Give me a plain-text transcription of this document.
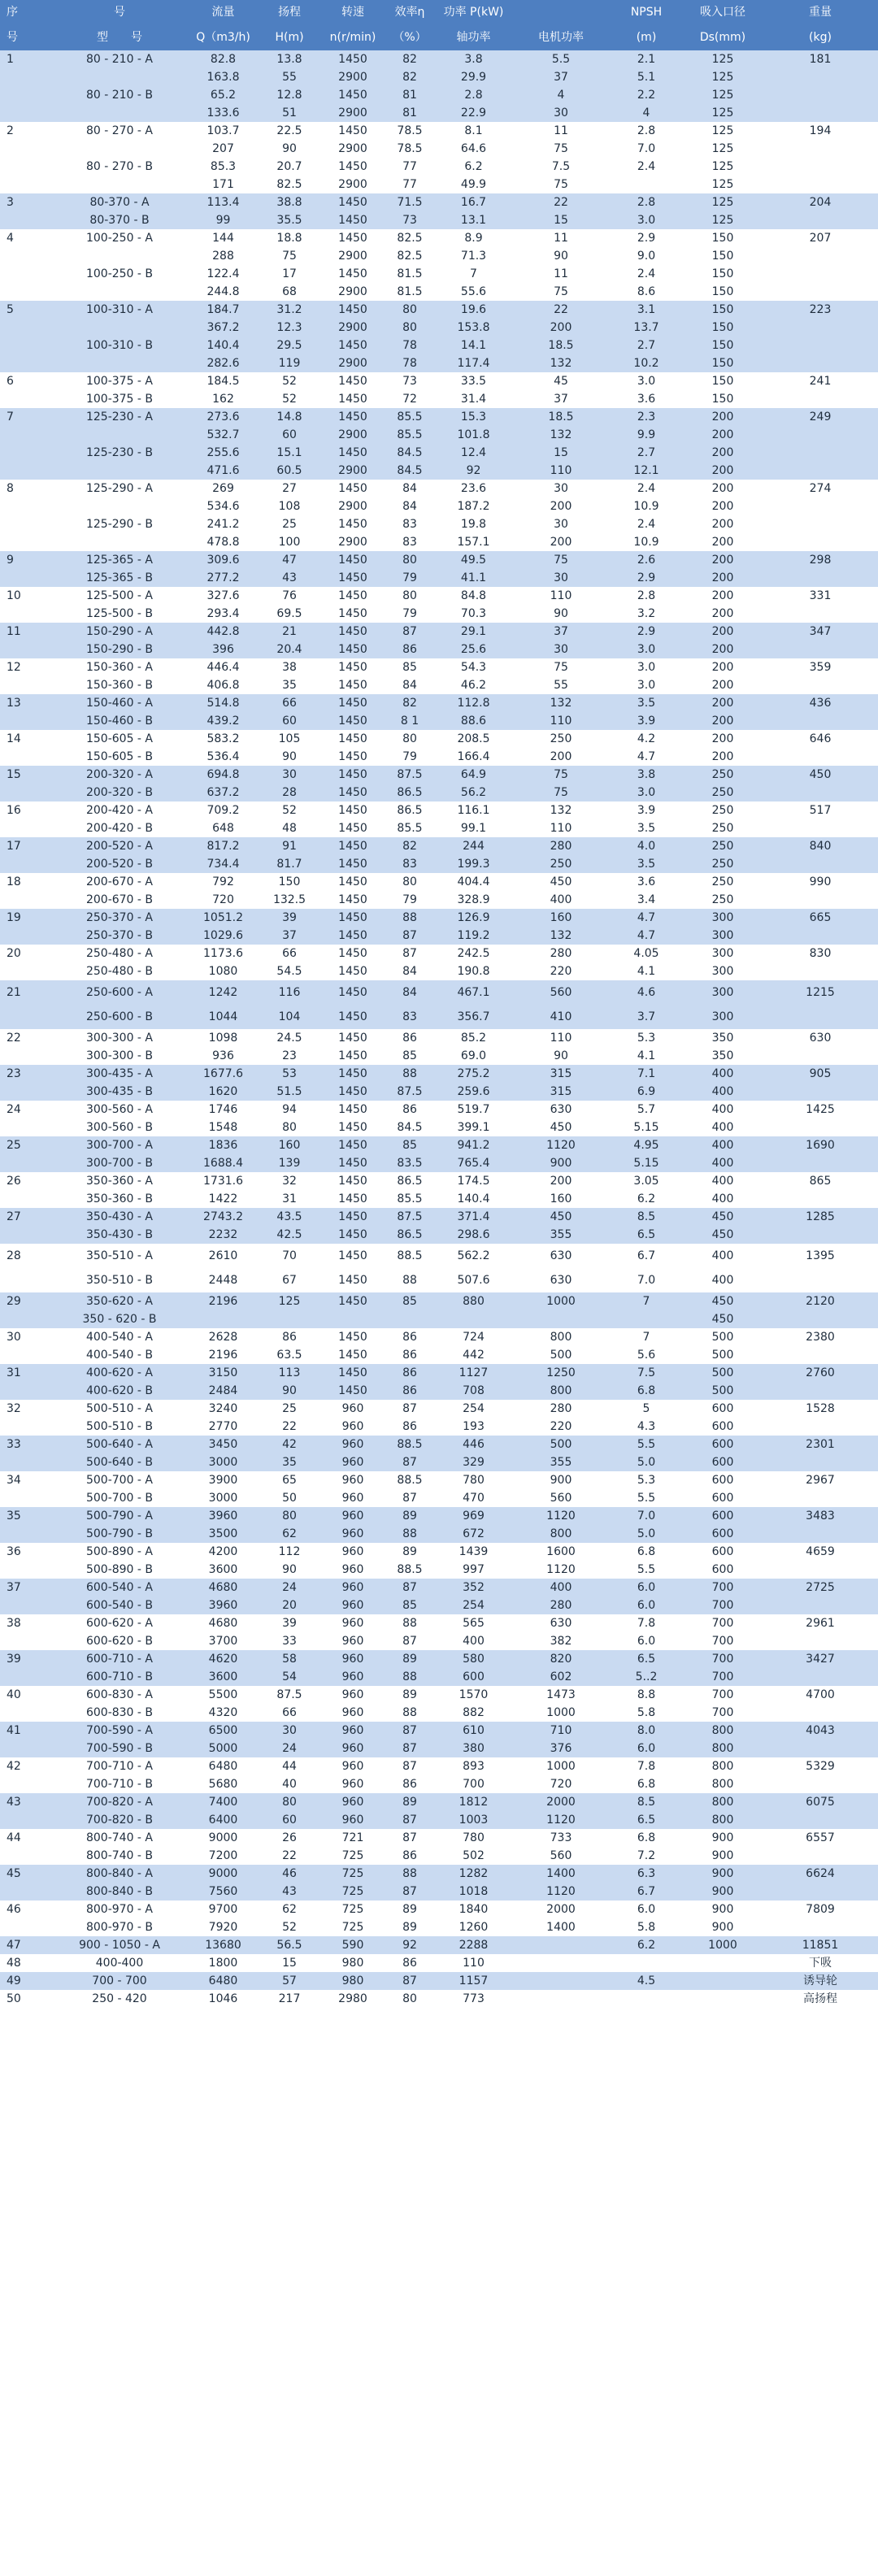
序	号	流量	扬程	转速	效率η	功率 P(kW)		NPSH	吸入口径	重量
号	型　　号	Q（m3/h)	H(m)	n(r/min)	（%）	轴功率	电机功率	(m)	Ds(mm)	(kg)
1	80 - 210 - A	82.8	13.8	1450	82	3.8	5.5	2.1	125	181
		163.8	55	2900	82	29.9	37	5.1	125	
	80 - 210 - B	65.2	12.8	1450	81	2.8	4	2.2	125	
		133.6	51	2900	81	22.9	30	4	125	
2	80 - 270 - A	103.7	22.5	1450	78.5	8.1	11	2.8	125	194
		207	90	2900	78.5	64.6	75	7.0	125	
	80 - 270 - B	85.3	20.7	1450	77	6.2	7.5	2.4	125	
		171	82.5	2900	77	49.9	75		125	
3	80-370 - A	113.4	38.8	1450	71.5	16.7	22	2.8	125	204
	80-370 - B	99	35.5	1450	73	13.1	15	3.0	125	
4	100-250 - A	144	18.8	1450	82.5	8.9	11	2.9	150	207
		288	75	2900	82.5	71.3	90	9.0	150	
	100-250 - B	122.4	17	1450	81.5	7	11	2.4	150	
		244.8	68	2900	81.5	55.6	75	8.6	150	
5	100-310 - A	184.7	31.2	1450	80	19.6	22	3.1	150	223
		367.2	12.3	2900	80	153.8	200	13.7	150	
	100-310 - B	140.4	29.5	1450	78	14.1	18.5	2.7	150	
		282.6	119	2900	78	117.4	132	10.2	150	
6	100-375 - A	184.5	52	1450	73	33.5	45	3.0	150	241
	100-375 - B	162	52	1450	72	31.4	37	3.6	150	
7	125-230 - A	273.6	14.8	1450	85.5	15.3	18.5	2.3	200	249
		532.7	60	2900	85.5	101.8	132	9.9	200	
	125-230 - B	255.6	15.1	1450	84.5	12.4	15	2.7	200	
		471.6	60.5	2900	84.5	92	110	12.1	200	
8	125-290 - A	269	27	1450	84	23.6	30	2.4	200	274
		534.6	108	2900	84	187.2	200	10.9	200	
	125-290 - B	241.2	25	1450	83	19.8	30	2.4	200	
		478.8	100	2900	83	157.1	200	10.9	200	
9	125-365 - A	309.6	47	1450	80	49.5	75	2.6	200	298
	125-365 - B	277.2	43	1450	79	41.1	30	2.9	200	
10	125-500 - A	327.6	76	1450	80	84.8	110	2.8	200	331
	125-500 - B	293.4	69.5	1450	79	70.3	90	3.2	200	
11	150-290 - A	442.8	21	1450	87	29.1	37	2.9	200	347
	150-290 - B	396	20.4	1450	86	25.6	30	3.0	200	
12	150-360 - A	446.4	38	1450	85	54.3	75	3.0	200	359
	150-360 - B	406.8	35	1450	84	46.2	55	3.0	200	
13	150-460 - A	514.8	66	1450	82	112.8	132	3.5	200	436
	150-460 - B	439.2	60	1450	8 1	88.6	110	3.9	200	
14	150-605 - A	583.2	105	1450	80	208.5	250	4.2	200	646
	150-605 - B	536.4	90	1450	79	166.4	200	4.7	200	
15	200-320 - A	694.8	30	1450	87.5	64.9	75	3.8	250	450
	200-320 - B	637.2	28	1450	86.5	56.2	75	3.0	250	
16	200-420 - A	709.2	52	1450	86.5	116.1	132	3.9	250	517
	200-420 - B	648	48	1450	85.5	99.1	110	3.5	250	
17	200-520 - A	817.2	91	1450	82	244	280	4.0	250	840
	200-520 - B	734.4	81.7	1450	83	199.3	250	3.5	250	
18	200-670 - A	792	150	1450	80	404.4	450	3.6	250	990
	200-670 - B	720	132.5	1450	79	328.9	400	3.4	250	
19	250-370 - A	1051.2	39	1450	88	126.9	160	4.7	300	665
	250-370 - B	1029.6	37	1450	87	119.2	132	4.7	300	
20	250-480 - A	1173.6	66	1450	87	242.5	280	4.05	300	830
	250-480 - B	1080	54.5	1450	84	190.8	220	4.1	300	
21	250-600 - A	1242	116	1450	84	467.1	560	4.6	300	1215
	250-600 - B	1044	104	1450	83	356.7	410	3.7	300	
22	300-300 - A	1098	24.5	1450	86	85.2	110	5.3	350	630
	300-300 - B	936	23	1450	85	69.0	90	4.1	350	
23	300-435 - A	1677.6	53	1450	88	275.2	315	7.1	400	905
	300-435 - B	1620	51.5	1450	87.5	259.6	315	6.9	400	
24	300-560 - A	1746	94	1450	86	519.7	630	5.7	400	1425
	300-560 - B	1548	80	1450	84.5	399.1	450	5.15	400	
25	300-700 - A	1836	160	1450	85	941.2	1120	4.95	400	1690
	300-700 - B	1688.4	139	1450	83.5	765.4	900	5.15	400	
26	350-360 - A	1731.6	32	1450	86.5	174.5	200	3.05	400	865
	350-360 - B	1422	31	1450	85.5	140.4	160	6.2	400	
27	350-430 - A	2743.2	43.5	1450	87.5	371.4	450	8.5	450	1285
	350-430 - B	2232	42.5	1450	86.5	298.6	355	6.5	450	
28	350-510 - A	2610	70	1450	88.5	562.2	630	6.7	400	1395
	350-510 - B	2448	67	1450	88	507.6	630	7.0	400	
29	350-620 - A	2196	125	1450	85	880	1000	7	450	2120
	350 - 620 - B								450	
30	400-540 - A	2628	86	1450	86	724	800	7	500	2380
	400-540 - B	2196	63.5	1450	86	442	500	5.6	500	
31	400-620 - A	3150	113	1450	86	1127	1250	7.5	500	2760
	400-620 - B	2484	90	1450	86	708	800	6.8	500	
32	500-510 - A	3240	25	960	87	254	280	5	600	1528
	500-510 - B	2770	22	960	86	193	220	4.3	600	
33	500-640 - A	3450	42	960	88.5	446	500	5.5	600	2301
	500-640 - B	3000	35	960	87	329	355	5.0	600	
34	500-700 - A	3900	65	960	88.5	780	900	5.3	600	2967
	500-700 - B	3000	50	960	87	470	560	5.5	600	
35	500-790 - A	3960	80	960	89	969	1120	7.0	600	3483
	500-790 - B	3500	62	960	88	672	800	5.0	600	
36	500-890 - A	4200	112	960	89	1439	1600	6.8	600	4659
	500-890 - B	3600	90	960	88.5	997	1120	5.5	600	
37	600-540 - A	4680	24	960	87	352	400	6.0	700	2725
	600-540 - B	3960	20	960	85	254	280	6.0	700	
38	600-620 - A	4680	39	960	88	565	630	7.8	700	2961
	600-620 - B	3700	33	960	87	400	382	6.0	700	
39	600-710 - A	4620	58	960	89	580	820	6.5	700	3427
	600-710 - B	3600	54	960	88	600	602	5..2	700	
40	600-830 - A	5500	87.5	960	89	1570	1473	8.8	700	4700
	600-830 - B	4320	66	960	88	882	1000	5.8	700	
41	700-590 - A	6500	30	960	87	610	710	8.0	800	4043
	700-590 - B	5000	24	960	87	380	376	6.0	800	
42	700-710 - A	6480	44	960	87	893	1000	7.8	800	5329
	700-710 - B	5680	40	960	86	700	720	6.8	800	
43	700-820 - A	7400	80	960	89	1812	2000	8.5	800	6075
	700-820 - B	6400	60	960	87	1003	1120	6.5	800	
44	800-740 - A	9000	26	721	87	780	733	6.8	900	6557
	800-740 - B	7200	22	725	86	502	560	7.2	900	
45	800-840 - A	9000	46	725	88	1282	1400	6.3	900	6624
	800-840 - B	7560	43	725	87	1018	1120	6.7	900	
46	800-970 - A	9700	62	725	89	1840	2000	6.0	900	7809
	800-970 - B	7920	52	725	89	1260	1400	5.8	900	
47	900 - 1050 - A	13680	56.5	590	92	2288		6.2	1000	11851
48	400-400	1800	15	980	86	110				下吸
49	700 - 700	6480	57	980	87	1157		4.5		诱导轮
50	250 - 420	1046	217	2980	80	773				高扬程
